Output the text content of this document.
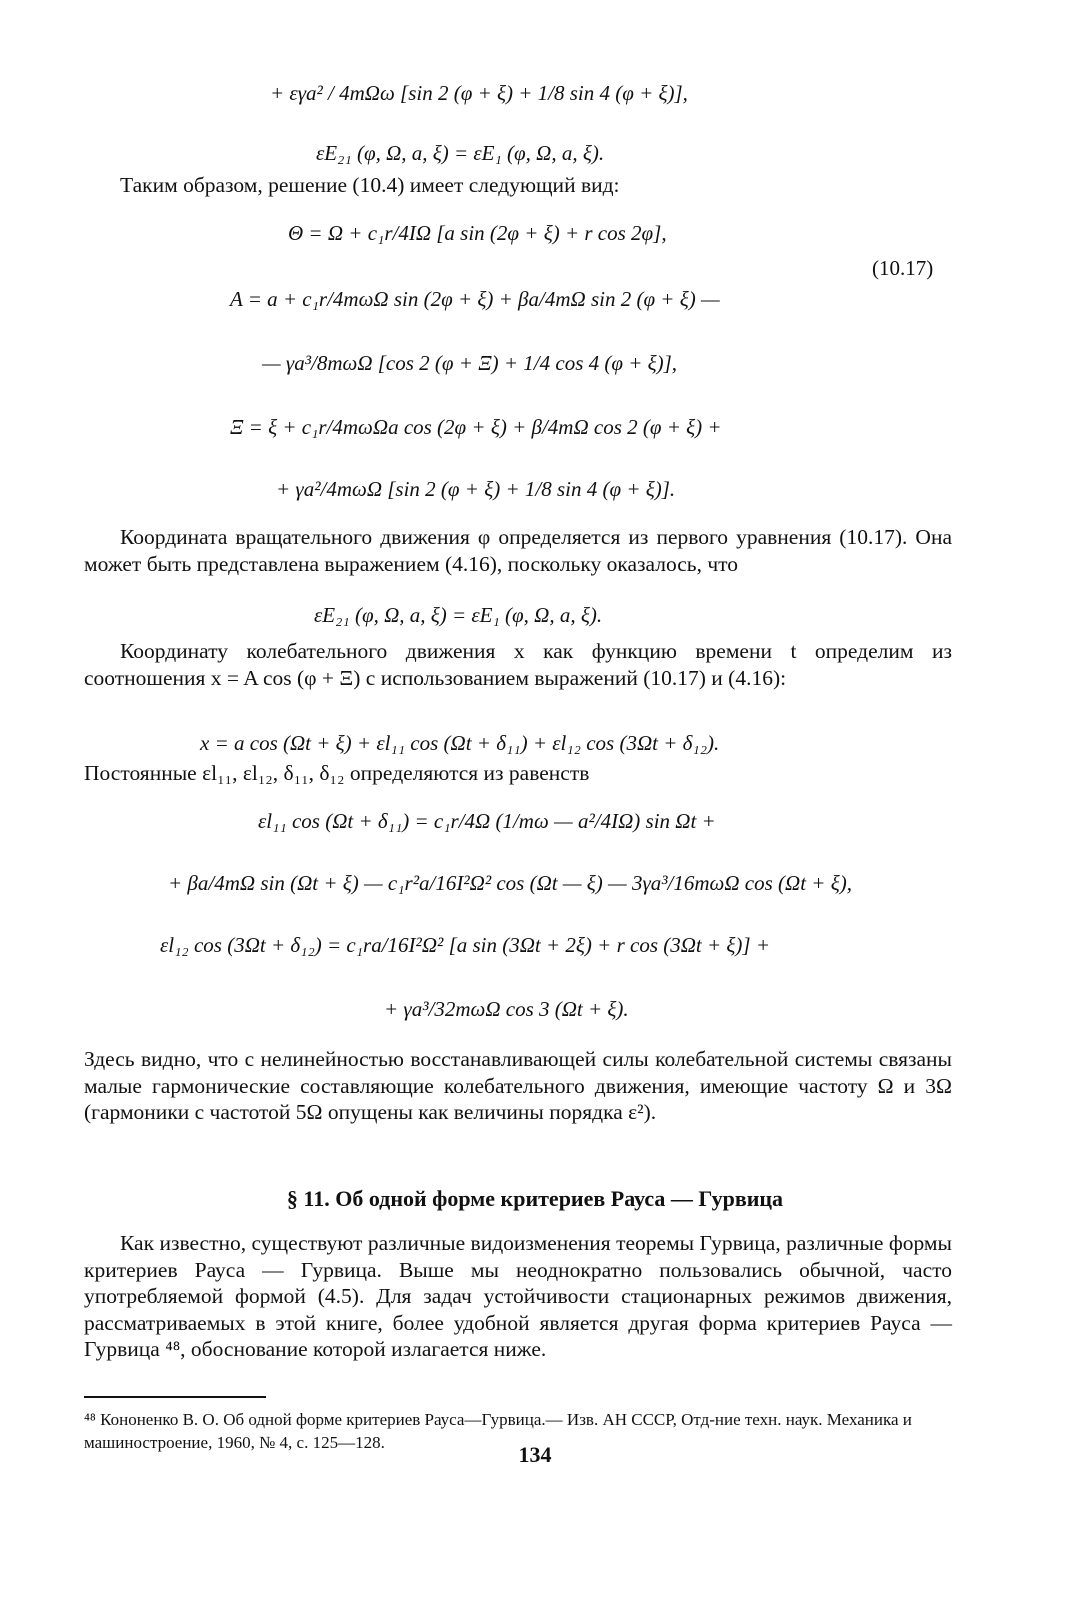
+ εγa² / 4mΩω [sin 2 (φ + ξ) + 1/8 sin 4 (φ + ξ)],
εE₂₁ (φ, Ω, a, ξ) = εE₁ (φ, Ω, a, ξ).

Таким образом, решение (10.4) имеет следующий вид:

Θ = Ω + c₁r/4IΩ [a sin (2φ + ξ) + r cos 2φ],
(10.17)
A = a + c₁r/4mωΩ sin (2φ + ξ) + βa/4mΩ sin 2 (φ + ξ) —
— γa³/8mωΩ [cos 2 (φ + Ξ) + 1/4 cos 4 (φ + ξ)],
Ξ = ξ + c₁r/4mωΩa cos (2φ + ξ) + β/4mΩ cos 2 (φ + ξ) +
+ γa²/4mωΩ [sin 2 (φ + ξ) + 1/8 sin 4 (φ + ξ)].

Координата вращательного движения φ определяется из первого уравнения (10.17). Она может быть представлена выражением (4.16), поскольку оказалось, что

εE₂₁ (φ, Ω, a, ξ) = εE₁ (φ, Ω, a, ξ).

Координату колебательного движения x как функцию времени t определим из соотношения x = A cos (φ + Ξ) с использованием выражений (10.17) и (4.16):

x = a cos (Ωt + ξ) + εl₁₁ cos (Ωt + δ₁₁) + εl₁₂ cos (3Ωt + δ₁₂).

Постоянные εl₁₁, εl₁₂, δ₁₁, δ₁₂ определяются из равенств

εl₁₁ cos (Ωt + δ₁₁) = c₁r/4Ω (1/mω — a²/4IΩ) sin Ωt +
+ βa/4mΩ sin (Ωt + ξ) — c₁r²a/16I²Ω² cos (Ωt — ξ) — 3γa³/16mωΩ cos (Ωt + ξ),
εl₁₂ cos (3Ωt + δ₁₂) = c₁ra/16I²Ω² [a sin (3Ωt + 2ξ) + r cos (3Ωt + ξ)] +
+ γa³/32mωΩ cos 3 (Ωt + ξ).

Здесь видно, что с нелинейностью восстанавливающей силы колебательной системы связаны малые гармонические составляющие колебательного движения, имеющие частоту Ω и 3Ω (гармоники с частотой 5Ω опущены как величины порядка ε²).

§ 11. Об одной форме критериев Рауса — Гурвица

Как известно, существуют различные видоизменения теоремы Гурвица, различные формы критериев Рауса — Гурвица. Выше мы неоднократно пользовались обычной, часто употребляемой формой (4.5). Для задач устойчивости стационарных режимов движения, рассматриваемых в этой книге, более удобной является другая форма критериев Рауса — Гурвица ⁴⁸, обоснование которой излагается ниже.

⁴⁸ Кононенко В. О. Об одной форме критериев Рауса—Гурвица.— Изв. АН СССР, Отд-ние техн. наук. Механика и машиностроение, 1960, № 4, с. 125—128.	134
